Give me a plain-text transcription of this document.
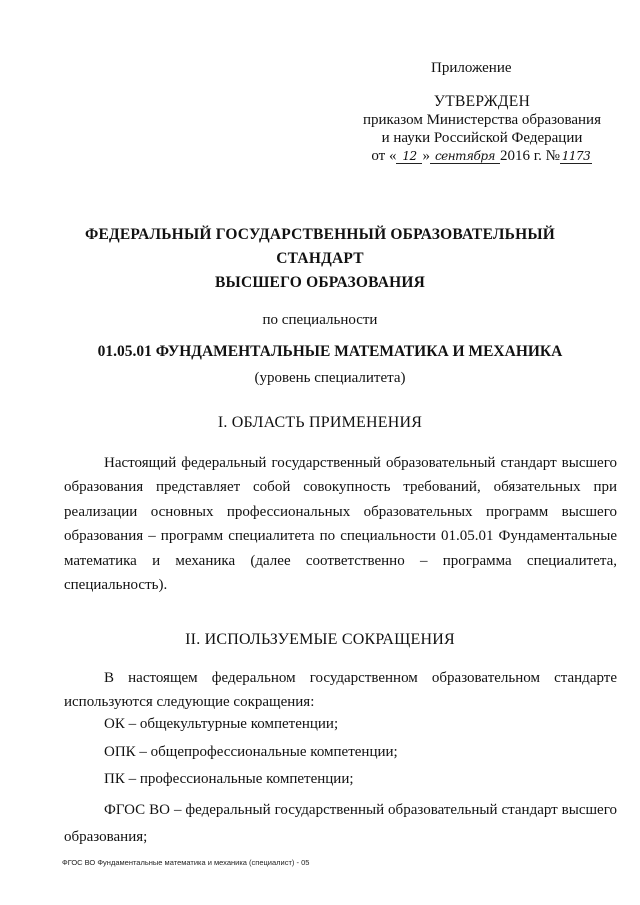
Приложение
УТВЕРЖДЕН
приказом Министерства образования
и науки Российской Федерации
от « 12 » сентября 2016 г. № 1173
ФЕДЕРАЛЬНЫЙ ГОСУДАРСТВЕННЫЙ ОБРАЗОВАТЕЛЬНЫЙ СТАНДАРТ
ВЫСШЕГО ОБРАЗОВАНИЯ
по специальности
01.05.01 ФУНДАМЕНТАЛЬНЫЕ МАТЕМАТИКА И МЕХАНИКА
(уровень специалитета)
I. ОБЛАСТЬ ПРИМЕНЕНИЯ
Настоящий федеральный государственный образовательный стандарт высшего образования представляет собой совокупность требований, обязательных при реализации основных профессиональных образовательных программ высшего образования – программ специалитета по специальности 01.05.01 Фундаментальные математика и механика (далее соответственно – программа специалитета, специальность).
II. ИСПОЛЬЗУЕМЫЕ СОКРАЩЕНИЯ
В настоящем федеральном государственном образовательном стандарте используются следующие сокращения:
ОК – общекультурные компетенции;
ОПК – общепрофессиональные компетенции;
ПК – профессиональные компетенции;
ФГОС ВО – федеральный государственный образовательный стандарт высшего образования;
ФГОС ВО Фундаментальные математика и механика (специалист) - 05
